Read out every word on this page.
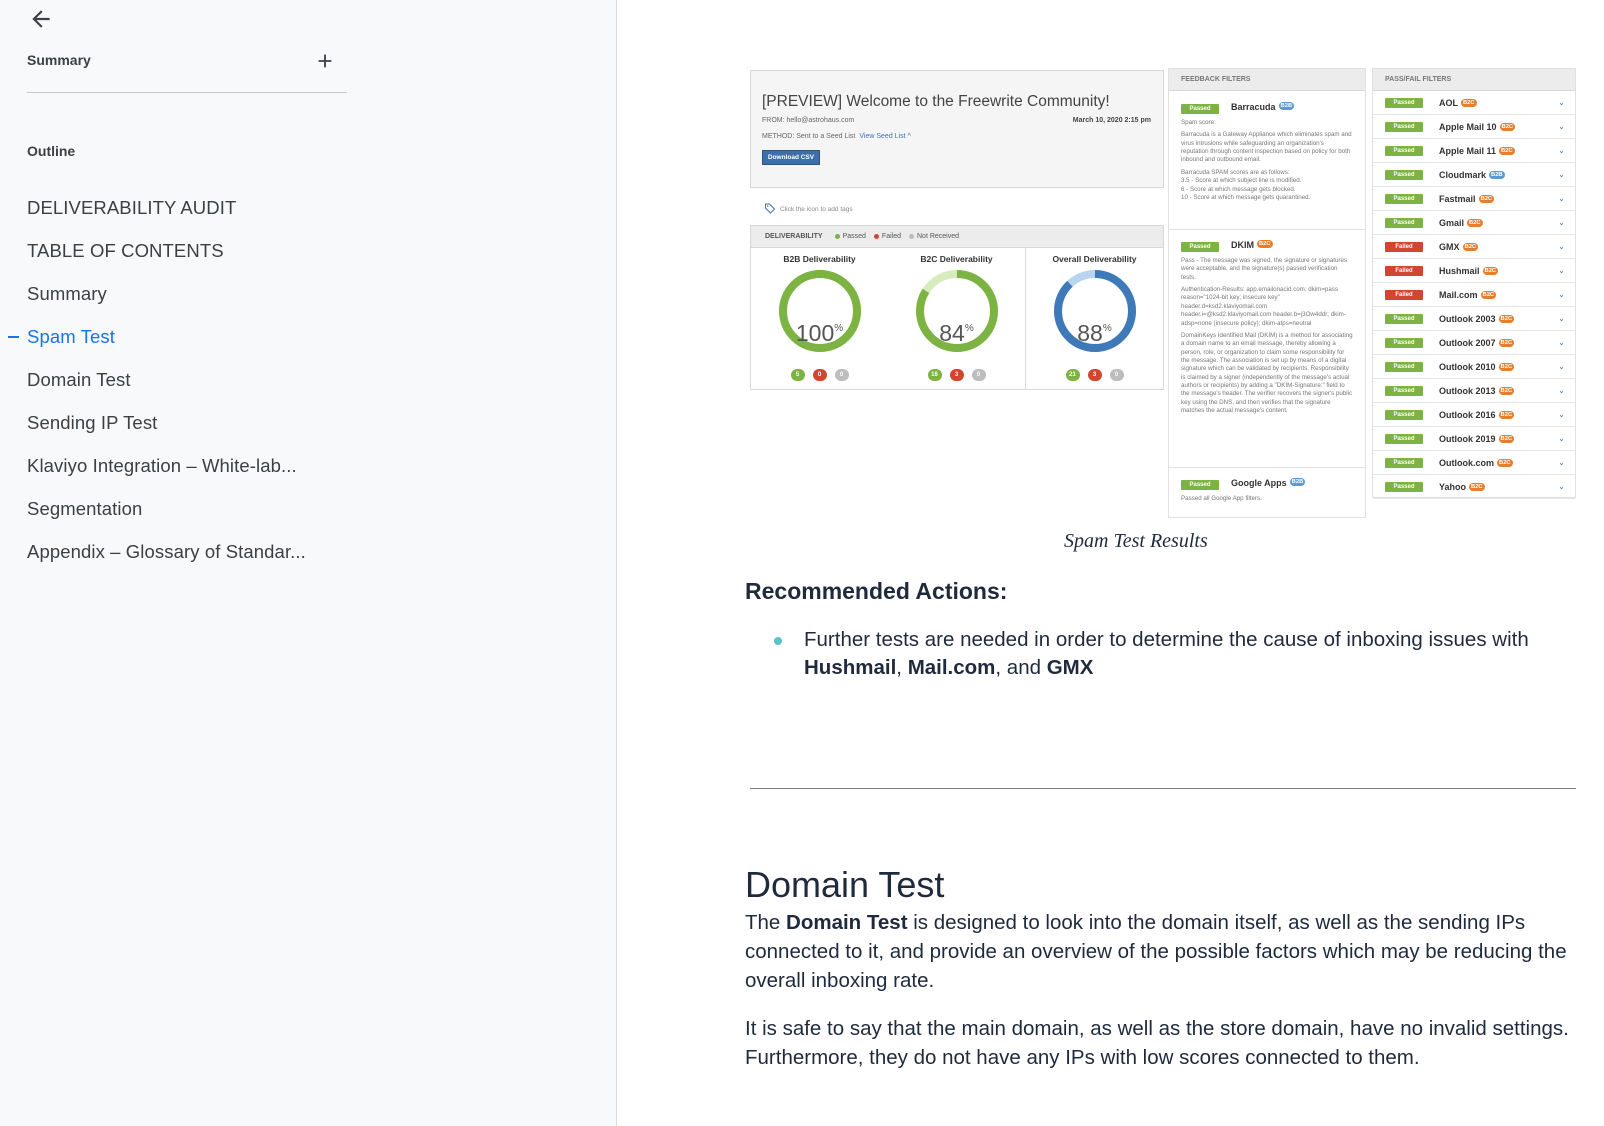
Summary
Outline
DELIVERABILITY AUDIT
TABLE OF CONTENTS
Summary
Spam Test
Domain Test
Sending IP Test
Klaviyo Integration – White-lab...
Segmentation
Appendix – Glossary of Standar...
[PREVIEW] Welcome to the Freewrite Community!
FROM: hello@astrohaus.com	March 10, 2020 2:15 pm
METHOD: Sent to a Seed List View Seed List ^
Download CSV
Click the icon to add tags
DELIVERABILITY	Passed	Failed	Not Received
B2B Deliverability
100%
5	0	0
B2C Deliverability
84%
16	3	0
Overall Deliverability
88%
21	3	0
FEEDBACK FILTERS
Passed Barracuda B2B
Spam score:
Barracuda is a Gateway Appliance which eliminates spam and virus intrusions while safeguarding an organization's reputation through content inspection based on policy for both inbound and outbound email.
Barracuda SPAM scores are as follows:
3.5 - Score at which subject line is modified.
6 - Score at which message gets blocked.
10 - Score at which message gets quarantined.
Passed DKIM B2C
Pass - The message was signed, the signature or signatures were acceptable, and the signature(s) passed verification tests.
Authentication-Results: app.emailonacid.com; dkim=pass reason="1024-bit key; insecure key" header.d=ksd2.klaviyomail.com header.i=@ksd2.klaviyomail.com header.b=j3Ow4ddr; dkim-adsp=none (insecure policy); dkim-atps=neutral
DomainKeys Identified Mail (DKIM) is a method for associating a domain name to an email message, thereby allowing a person, role, or organization to claim some responsibility for the message. The association is set up by means of a digital signature which can be validated by recipients. Responsibility is claimed by a signer (independently of the message's actual authors or recipients) by adding a "DKIM-Signature:" field to the message's header. The verifier recovers the signer's public key using the DNS, and then verifies that the signature matches the actual message's content.
Passed Google Apps B2B
Passed all Google App filters.
PASS/FAIL FILTERS
Passed	AOL B2C	⌄
Passed	Apple Mail 10 B2C	⌄
Passed	Apple Mail 11 B2C	⌄
Passed	Cloudmark B2B	⌄
Passed	Fastmail B2C	⌄
Passed	Gmail B2C	⌄
Failed	GMX B2C	⌄
Failed	Hushmail B2C	⌄
Failed	Mail.com B2C	⌄
Passed	Outlook 2003 B2C	⌄
Passed	Outlook 2007 B2C	⌄
Passed	Outlook 2010 B2C	⌄
Passed	Outlook 2013 B2C	⌄
Passed	Outlook 2016 B2C	⌄
Passed	Outlook 2019 B2C	⌄
Passed	Outlook.com B2C	⌄
Passed	Yahoo B2C	⌄
Spam Test Results
Recommended Actions:
Further tests are needed in order to determine the cause of inboxing issues with
Hushmail, Mail.com, and GMX
Domain Test

The Domain Test is designed to look into the domain itself, as well as the sending IPs connected to it, and provide an overview of the possible factors which may be reducing the overall inboxing rate.

It is safe to say that the main domain, as well as the store domain, have no invalid settings. Furthermore, they do not have any IPs with low scores connected to them.
